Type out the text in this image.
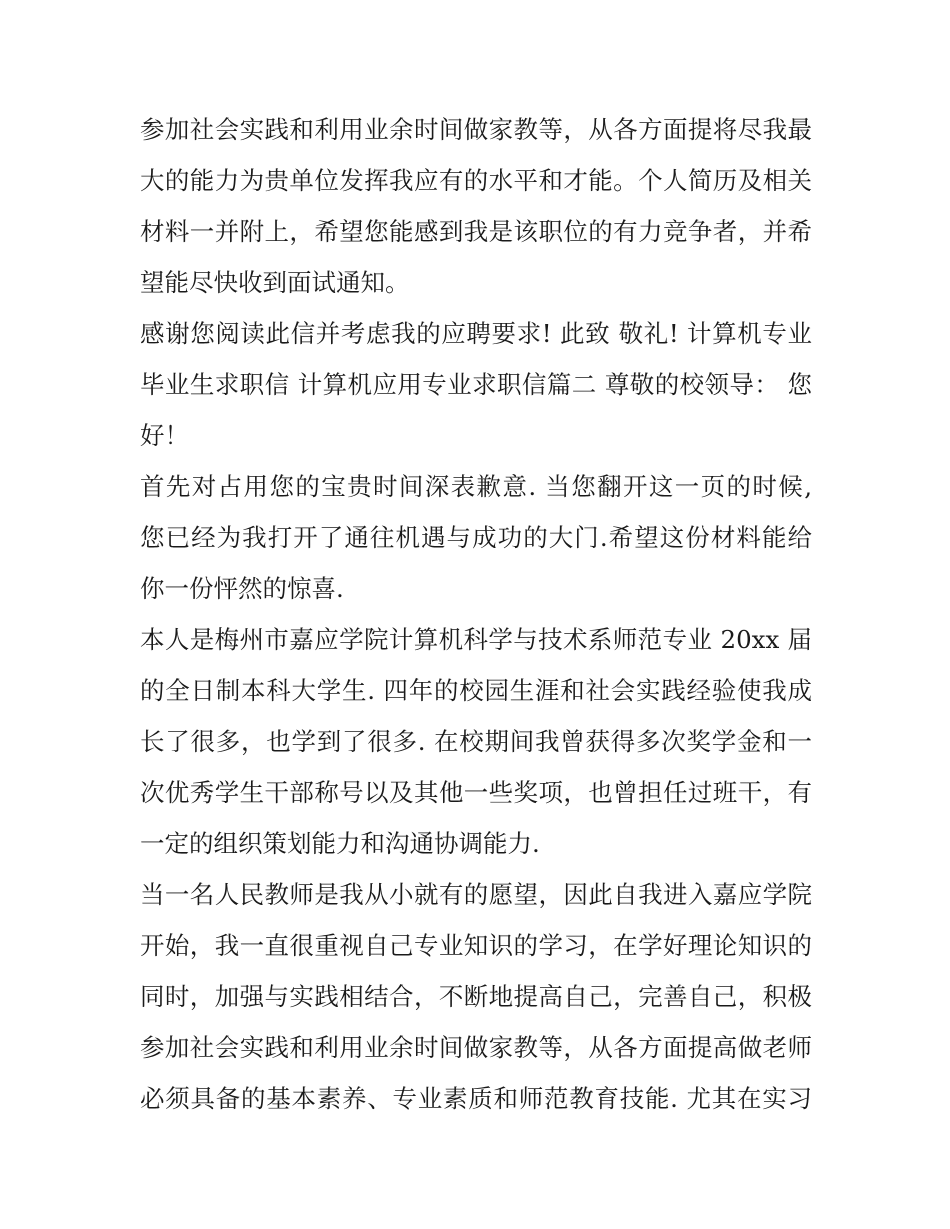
参加社会实践和利用业余时间做家教等，从各方面提将尽我最
大的能力为贵单位发挥我应有的水平和才能。个人简历及相关
材料一并附上，希望您能感到我是该职位的有力竞争者，并希
望能尽快收到面试通知。
感谢您阅读此信并考虑我的应聘要求! 此致 敬礼! 计算机专业
毕业生求职信 计算机应用专业求职信篇二 尊敬的校领导： 您
好！
首先对占用您的宝贵时间深表歉意. 当您翻开这一页的时候,
您已经为我打开了通往机遇与成功的大门.希望这份材料能给
你一份怦然的惊喜.
本人是梅州市嘉应学院计算机科学与技术系师范专业 20xx 届
的全日制本科大学生. 四年的校园生涯和社会实践经验使我成
长了很多，也学到了很多. 在校期间我曾获得多次奖学金和一
次优秀学生干部称号以及其他一些奖项，也曾担任过班干，有
一定的组织策划能力和沟通协调能力.
当一名人民教师是我从小就有的愿望，因此自我进入嘉应学院
开始，我一直很重视自己专业知识的学习，在学好理论知识的
同时，加强与实践相结合，不断地提高自己，完善自己，积极
参加社会实践和利用业余时间做家教等，从各方面提高做老师
必须具备的基本素养、专业素质和师范教育技能. 尤其在实习
